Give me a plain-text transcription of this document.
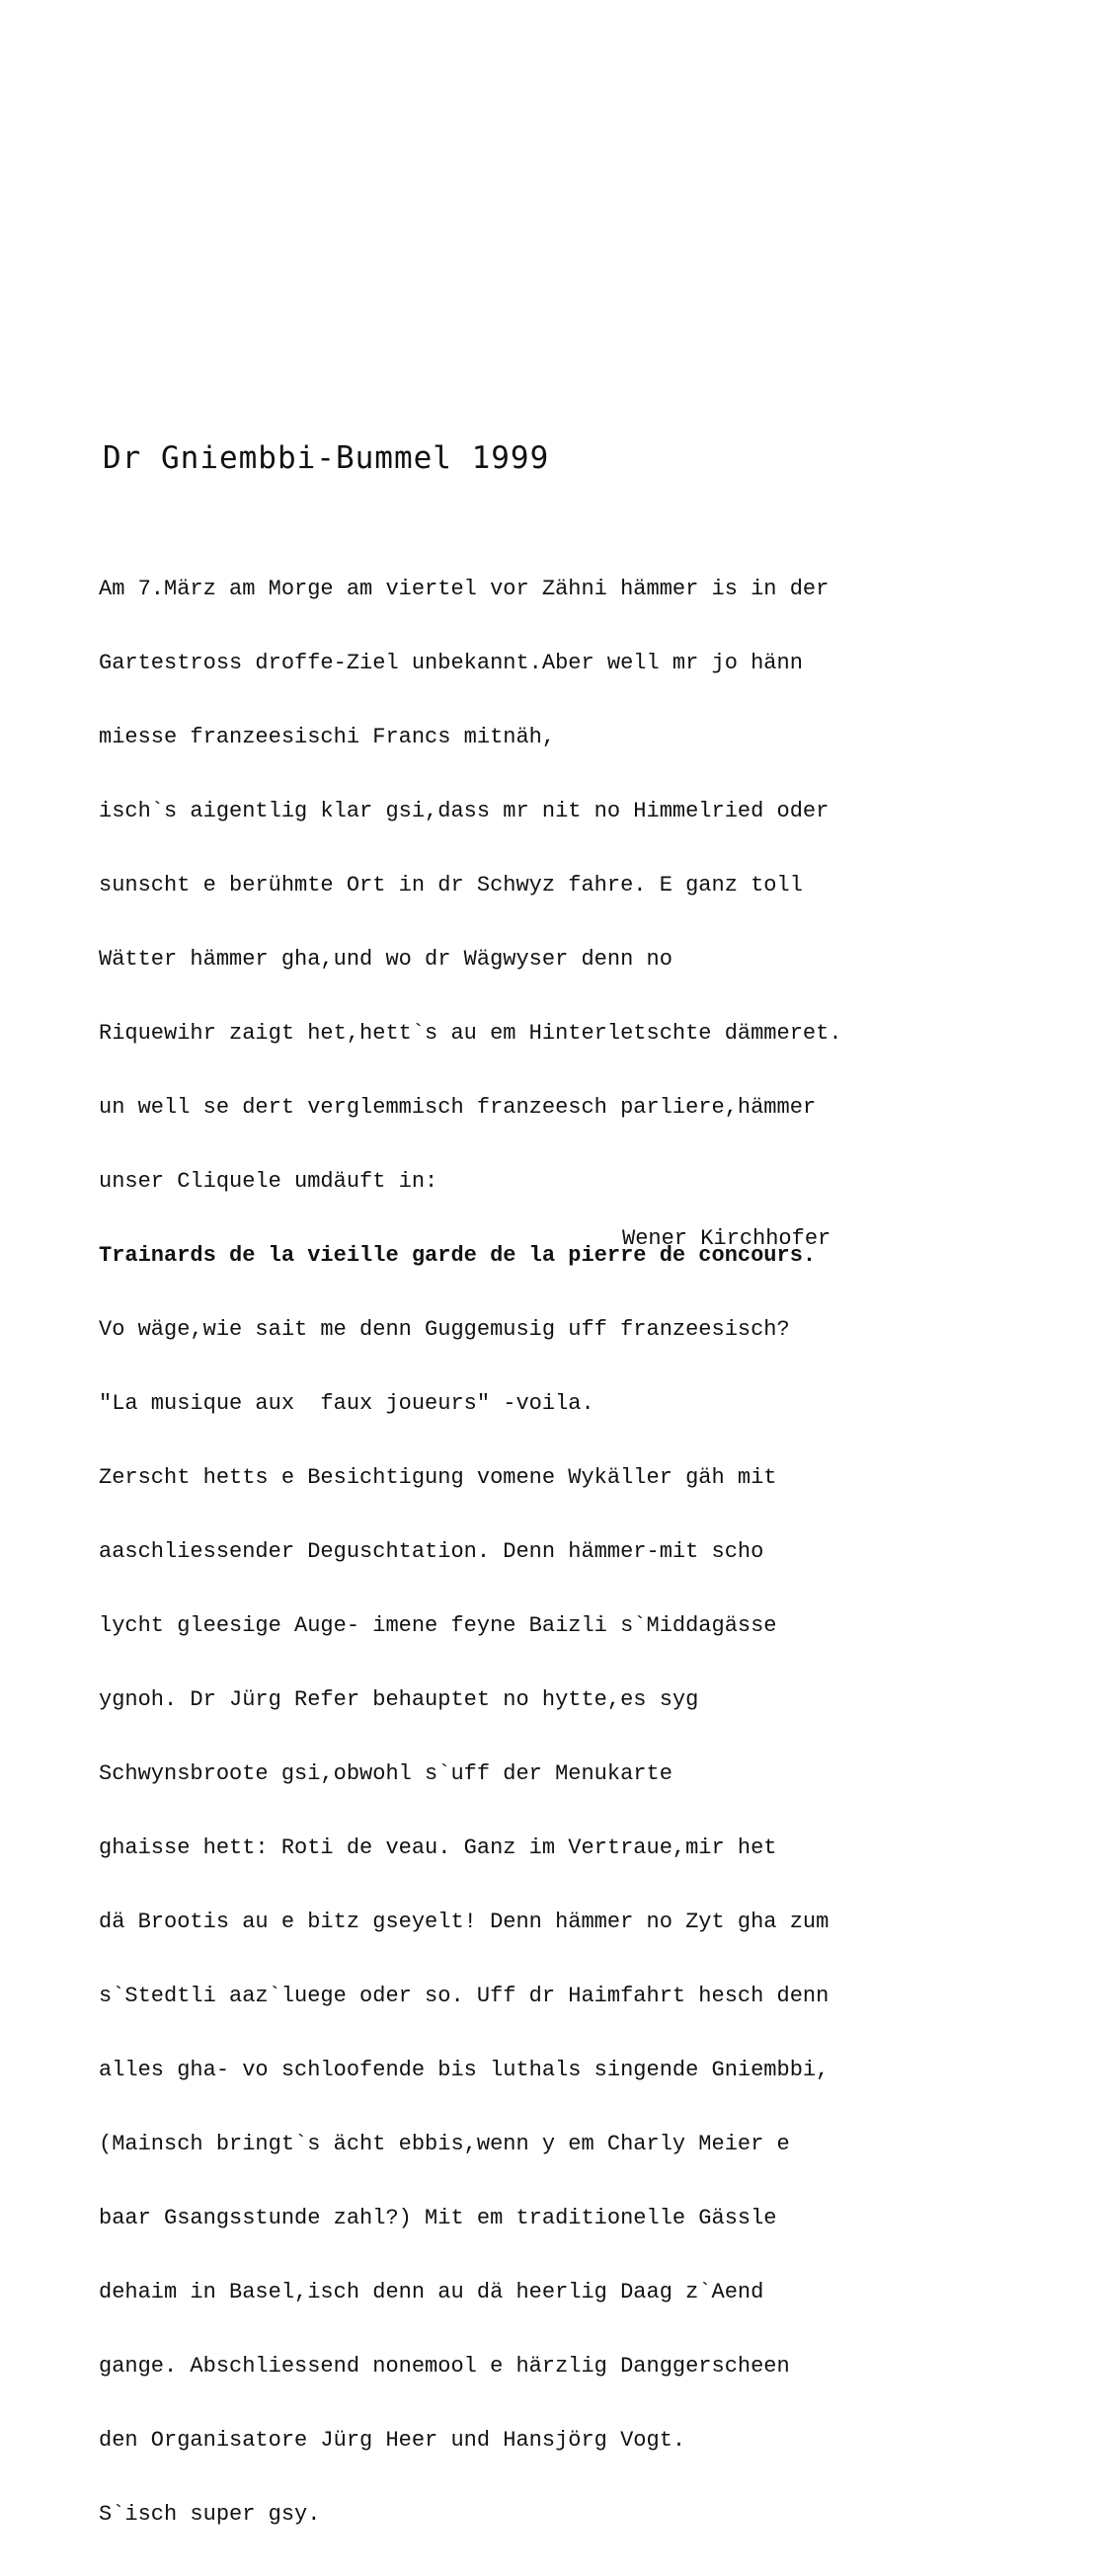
Dr Gniembbi-Bummel 1999

Am 7.März am Morge am viertel vor Zähni hämmer is in der

Gartestross droffe-Ziel unbekannt.Aber well mr jo hänn

miesse franzeesischi Francs mitnäh,

isch`s aigentlig klar gsi,dass mr nit no Himmelried oder

sunscht e berühmte Ort in dr Schwyz fahre. E ganz toll

Wätter hämmer gha,und wo dr Wägwyser denn no

Riquewihr zaigt het,hett`s au em Hinterletschte dämmeret.

un well se dert verglemmisch franzeesch parliere,hämmer

unser Cliquele umdäuft in:

Trainards de la vieille garde de la pierre de concours.

Vo wäge,wie sait me denn Guggemusig uff franzeesisch?

"La musique aux  faux joueurs" -voila.

Zerscht hetts e Besichtigung vomene Wykäller gäh mit

aaschliessender Deguschtation. Denn hämmer-mit scho

lycht gleesige Auge- imene feyne Baizli s`Middagässe

ygnoh. Dr Jürg Refer behauptet no hytte,es syg

Schwynsbroote gsi,obwohl s`uff der Menukarte

ghaisse hett: Roti de veau. Ganz im Vertraue,mir het

dä Brootis au e bitz gseyelt! Denn hämmer no Zyt gha zum

s`Stedtli aaz`luege oder so. Uff dr Haimfahrt hesch denn

alles gha- vo schloofende bis luthals singende Gniembbi,

(Mainsch bringt`s ächt ebbis,wenn y em Charly Meier e

baar Gsangsstunde zahl?) Mit em traditionelle Gässle

dehaim in Basel,isch denn au dä heerlig Daag z`Aend

gange. Abschliessend nonemool e härzlig Danggerscheen

den Organisatore Jürg Heer und Hansjörg Vogt.

S`isch super gsy.

Wener Kirchhofer
